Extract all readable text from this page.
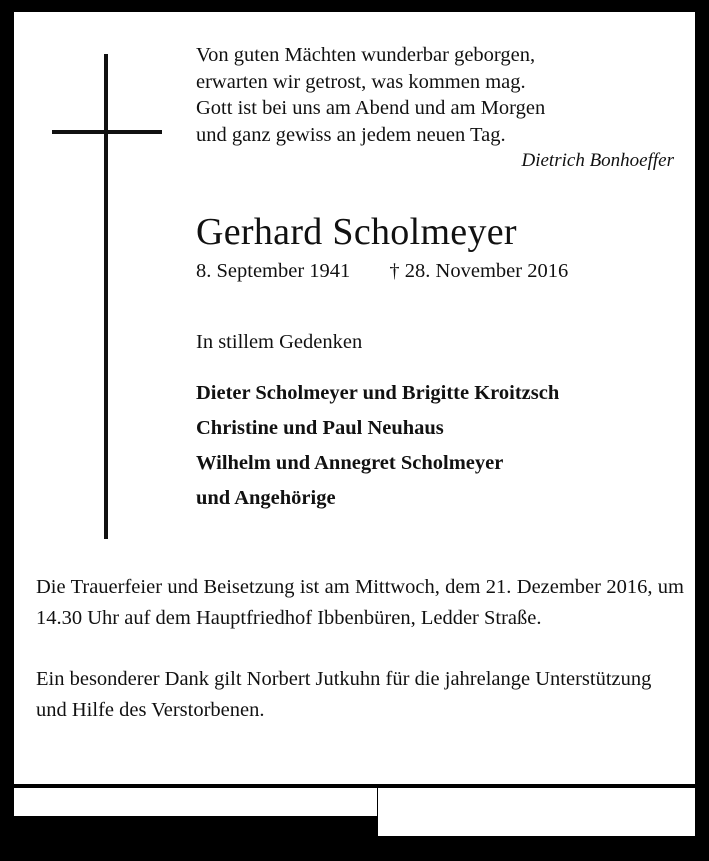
Von guten Mächten wunderbar geborgen,
erwarten wir getrost, was kommen mag.
Gott ist bei uns am Abend und am Morgen
und ganz gewiss an jedem neuen Tag.
Dietrich Bonhoeffer
Gerhard Scholmeyer
8. September 1941 † 28. November 2016
In stillem Gedenken
Dieter Scholmeyer und Brigitte Kroitzsch
Christine und Paul Neuhaus
Wilhelm und Annegret Scholmeyer
und Angehörige
Die Trauerfeier und Beisetzung ist am Mittwoch, dem 21. Dezember 2016, um 14.30 Uhr auf dem Hauptfriedhof Ibbenbüren, Ledder Straße.
Ein besonderer Dank gilt Norbert Jutkuhn für die jahrelange Unterstützung und Hilfe des Verstorbenen.
